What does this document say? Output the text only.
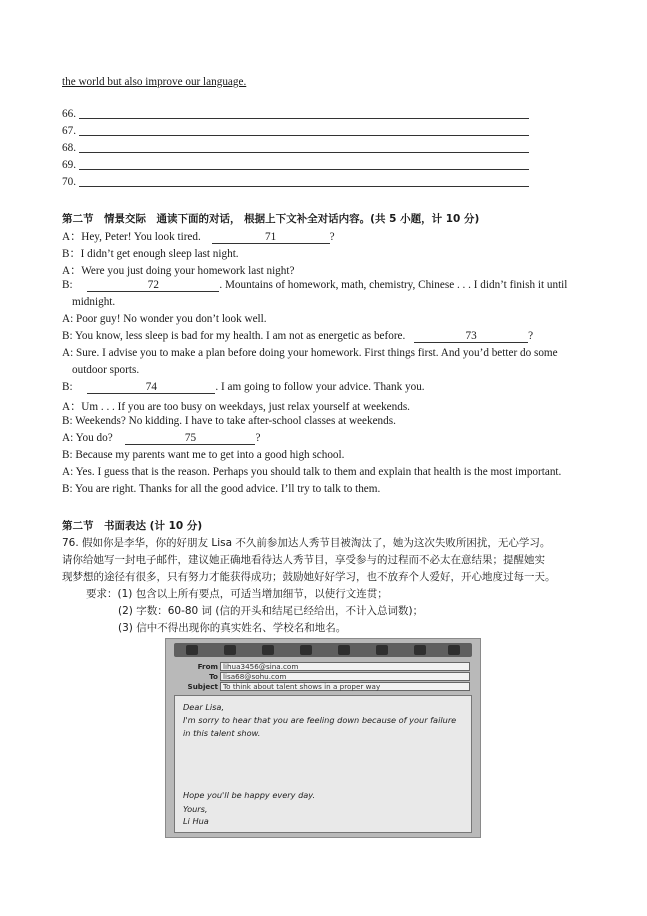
the world but also improve our language.
66.
67.
68.
69.
70.
第二节　情景交际　通读下面的对话， 根据上下文补全对话内容。(共 5 小题，计 10 分)
A：Hey, Peter! You look tired.	71	?
B：I didn’t get enough sleep last night.
A：Were you just doing your homework last night?
B:	72	. Mountains of homework, math, chemistry, Chinese . . . I didn’t finish it until
midnight.
A: Poor guy! No wonder you don’t look well.
B: You know, less sleep is bad for my health. I am not as energetic as before.	73	?
A: Sure. I advise you to make a plan before doing your homework. First things first. And you’d better do some
outdoor sports.
B:	74	. I am going to follow your advice. Thank you.
A：Um . . . If you are too busy on weekdays, just relax yourself at weekends.
B: Weekends? No kidding. I have to take after-school classes at weekends.
A: You do?	75	?
B: Because my parents want me to get into a good high school.
A: Yes. I guess that is the reason. Perhaps you should talk to them and explain that health is the most important.
B: You are right. Thanks for all the good advice. I’ll try to talk to them.
第二节　书面表达 (计 10 分)
76. 假如你是李华，你的好朋友 Lisa 不久前参加达人秀节目被淘汰了，她为这次失败所困扰，无心学习。
请你给她写一封电子邮件，建议她正确地看待达人秀节目，享受参与的过程而不必太在意结果；提醒她实
现梦想的途径有很多，只有努力才能获得成功；鼓励她好好学习，也不放弃个人爱好，开心地度过每一天。
要求：(1) 包含以上所有要点，可适当增加细节，以使行文连贯；
(2) 字数：60-80 词 (信的开头和结尾已经给出，不计入总词数)；
(3) 信中不得出现你的真实姓名、学校名和地名。
From lihua3456@sina.com
To lisa68@sohu.com
Subject To think about talent shows in a proper way
Dear Lisa,
I'm sorry to hear that you are feeling down because of your failure
in this talent show.
Hope you'll be happy every day.
Yours,
Li Hua
